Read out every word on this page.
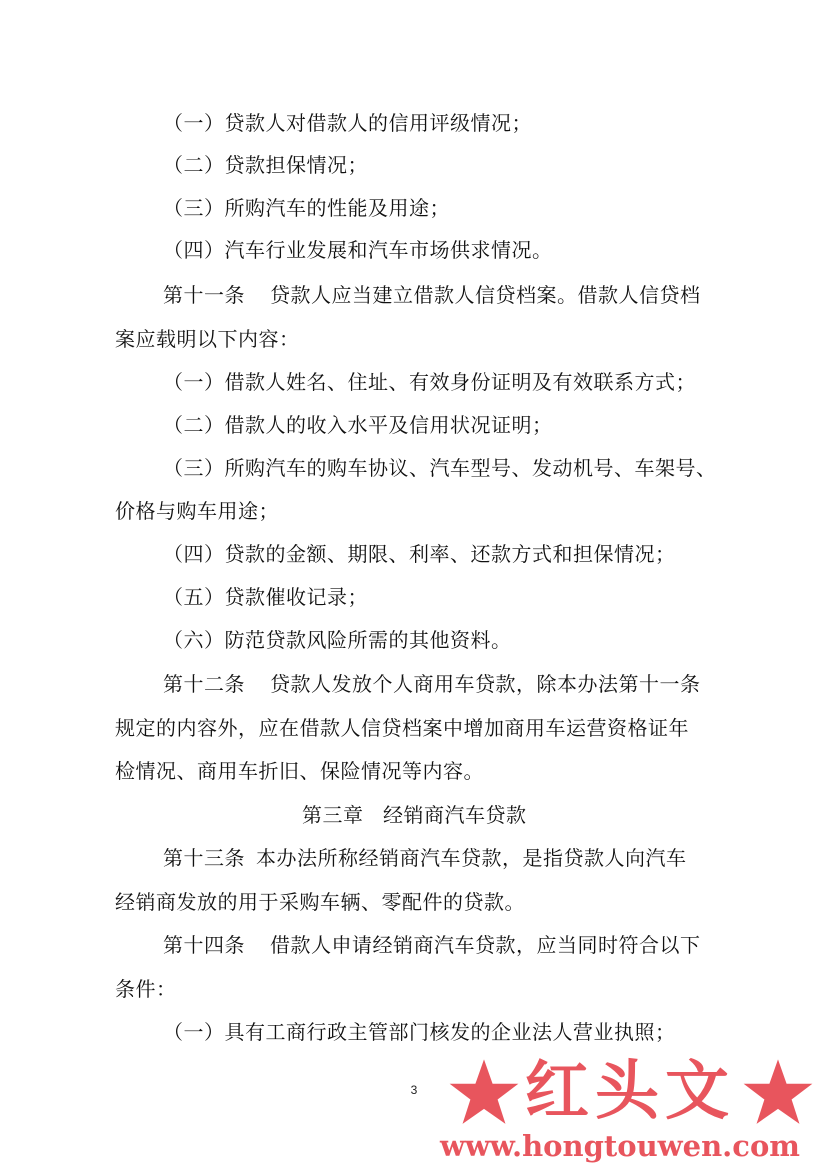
（一）贷款人对借款人的信用评级情况；
（二）贷款担保情况；
（三）所购汽车的性能及用途；
（四）汽车行业发展和汽车市场供求情况。
第十一条 贷款人应当建立借款人信贷档案。借款人信贷档
案应载明以下内容：
（一）借款人姓名、住址、有效身份证明及有效联系方式；
（二）借款人的收入水平及信用状况证明；
（三）所购汽车的购车协议、汽车型号、发动机号、车架号、
价格与购车用途；
（四）贷款的金额、期限、利率、还款方式和担保情况；
（五）贷款催收记录；
（六）防范贷款风险所需的其他资料。
第十二条 贷款人发放个人商用车贷款，除本办法第十一条
规定的内容外，应在借款人信贷档案中增加商用车运营资格证年
检情况、商用车折旧、保险情况等内容。
第三章 经销商汽车贷款
第十三条 本办法所称经销商汽车贷款，是指贷款人向汽车
经销商发放的用于采购车辆、零配件的贷款。
第十四条 借款人申请经销商汽车贷款，应当同时符合以下
条件：
（一）具有工商行政主管部门核发的企业法人营业执照；
3 红头文
www.hongtouwen.com
